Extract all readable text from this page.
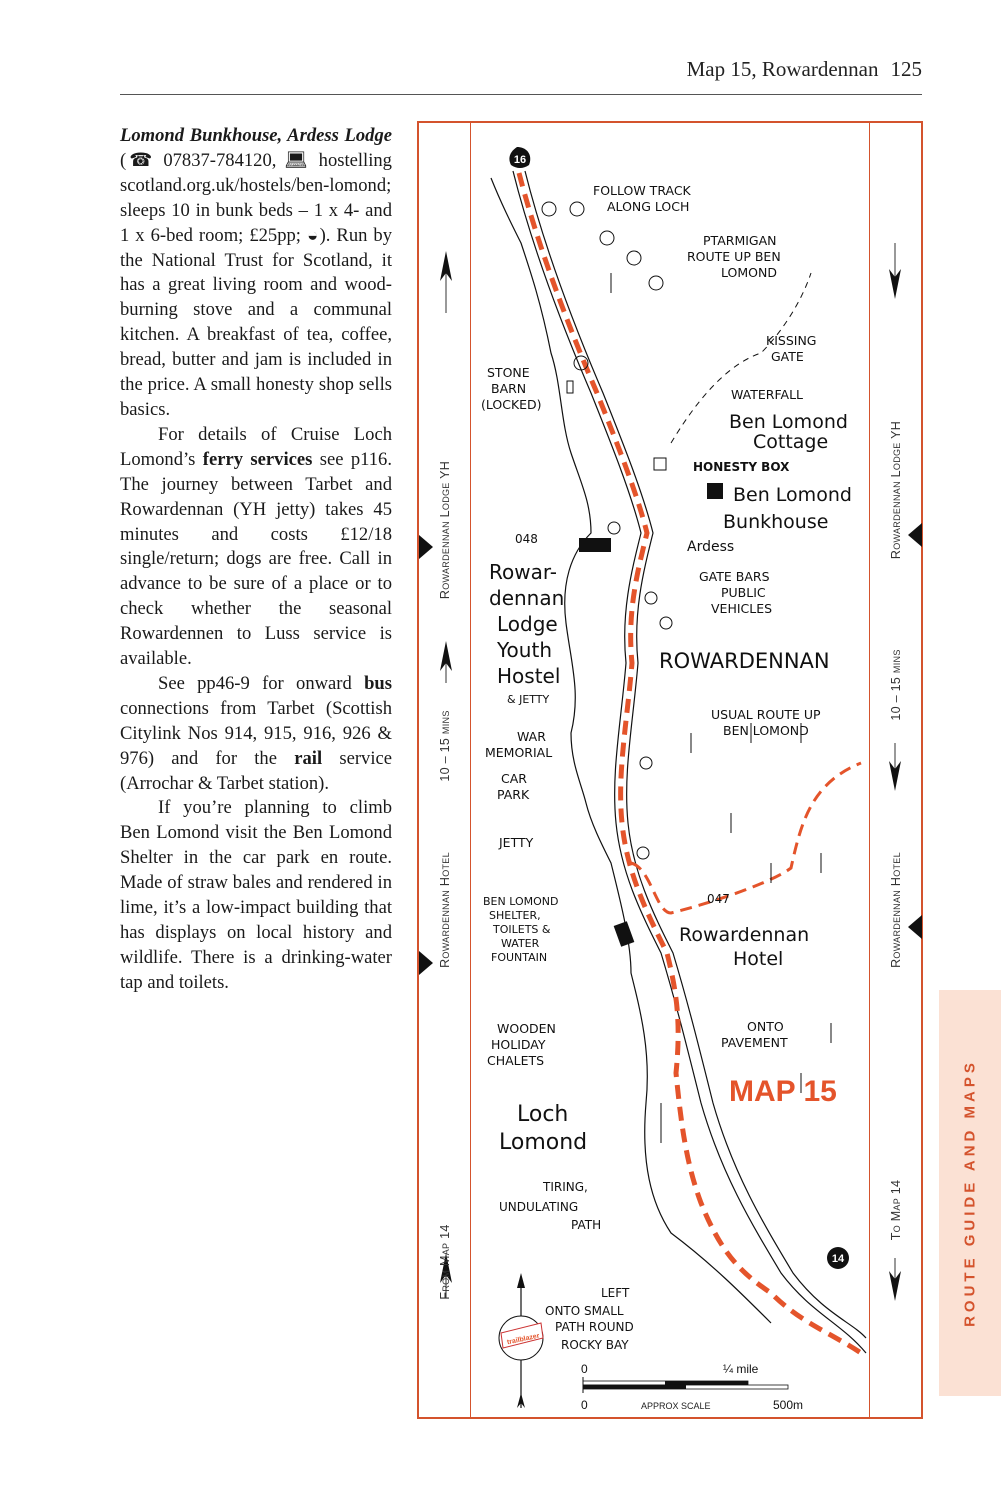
Map 15, Rowardennan 125

Lomond Bunkhouse, Ardess Lodge (☎ 07837-784120, 💻︎ hostelling scotland.org.uk/hostels/ben-lomond; sleeps 10 in bunk beds – 1 x 4- and 1 x 6-bed room; £25pp; ◒). Run by the National Trust for Scotland, it has a great living room and wood-burning stove and a communal kitchen. A breakfast of tea, coffee, bread, butter and jam is included in the price. A small honesty shop sells basics.

For details of Cruise Loch Lomond’s ferry services see p116. The journey between Tarbet and Rowardennan (YH jetty) takes 45 minutes and costs £12/18 single/return; dogs are free. Call in advance to be sure of a place or to check whether the seasonal Rowardennen to Luss service is available.

See pp46-9 for onward bus connections from Tarbet (Scottish Citylink Nos 914, 915, 916, 926 & 976) and for the rail service (Arrochar & Tarbet station).

If you’re planning to climb Ben Lomond visit the Ben Lomond Shelter in the car park en route. Made of straw bales and rendered in lime, it’s a low-impact building that has displays on local history and wildlife. There is a drinking-water tap and toilets.

Rowardennan Lodge YH
10 – 15 mins
Rowardennan Hotel
From Map 14
16
14
FOLLOW TRACK
ALONG LOCH
PTARMIGAN
ROUTE UP BEN
LOMOND
KISSING
GATE
STONE
BARN
(LOCKED)
WATERFALL
Ben Lomond
Cottage
HONESTY BOX
Ben Lomond
Bunkhouse
048	Ardess
Rowar-
dennan
Lodge
Youth
Hostel
& JETTY
GATE BARS
PUBLIC
VEHICLES
ROWARDENNAN
USUAL ROUTE UP
BEN LOMOND
WAR
MEMORIAL
CAR
PARK
JETTY
047
BEN LOMOND
SHELTER,
TOILETS &
WATER
FOUNTAIN
Rowardennan
Hotel
WOODEN
HOLIDAY
CHALETS
ONTO
PAVEMENT
Loch
Lomond
TIRING,
UNDULATING
PATH
LEFT
ONTO SMALL
PATH ROUND
ROCKY BAY
MAP 15
trailblazer
0	¼ mile
0	APPROX SCALE	500m
Rowardennan Lodge YH
10 – 15 mins
Rowardennan Hotel
To Map 14	ROUTE GUIDE AND MAPS
